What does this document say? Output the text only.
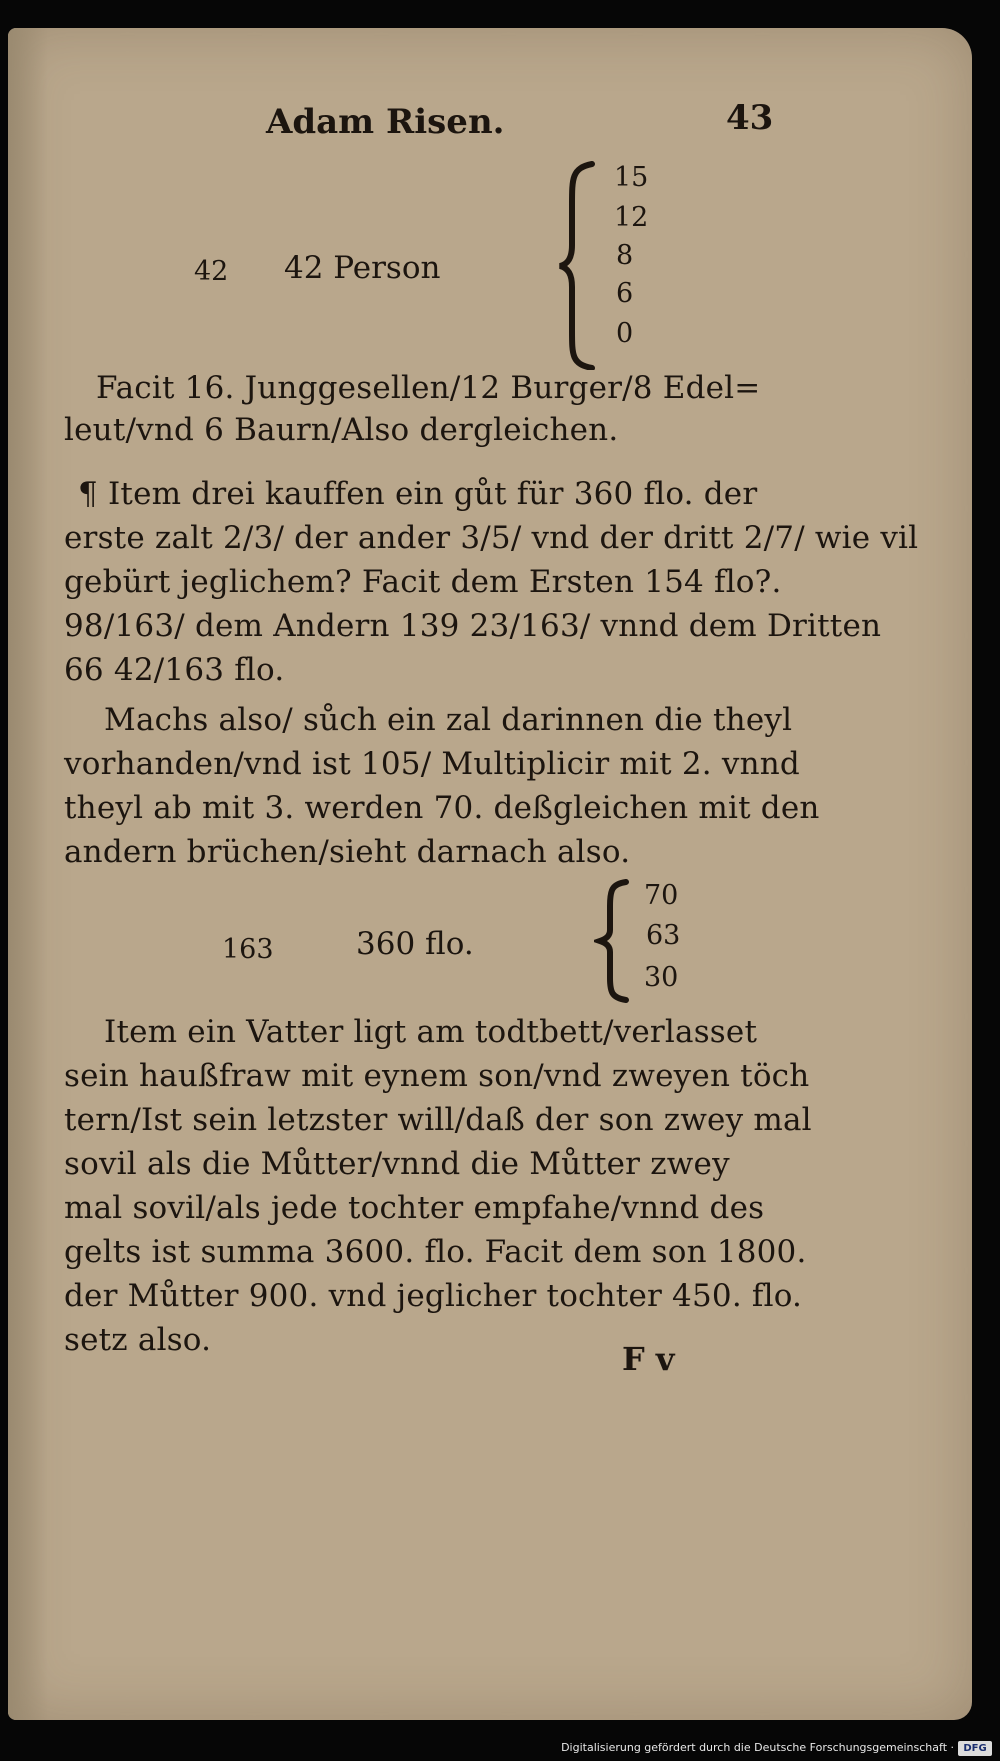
Adam Risen.	43
42 42 Person
15
12
8
6
0
Facit 16. Junggesellen/12 Burger/8 Edel=
leut/vnd 6 Baurn/Also dergleichen.
¶ Item drei kauffen ein gůt für 360 flo. der
erste zalt 2/3/ der ander 3/5/ vnd der dritt 2/7/ wie vil
gebürt jeglichem? Facit dem Ersten 154 flo?.
98/163/ dem Andern 139 23/163/ vnnd dem Dritten
66 42/163 flo.
Machs also/ sůch ein zal darinnen die theyl
vorhanden/vnd ist 105/ Multiplicir mit 2. vnnd
theyl ab mit 3. werden 70. deßgleichen mit den
andern brüchen/sieht darnach also.
163	360 flo.
70
63
30
Item ein Vatter ligt am todtbett/verlasset
sein haußfraw mit eynem son/vnd zweyen töch
tern/Ist sein letzster will/daß der son zwey mal
sovil als die Můtter/vnnd die Můtter zwey
mal sovil/als jede tochter empfahe/vnnd des
gelts ist summa 3600. flo. Facit dem son 1800.
der Můtter 900. vnd jeglicher tochter 450. flo.
setz also.	F v
Digitalisierung gefördert durch die Deutsche Forschungsgemeinschaft · DFG
